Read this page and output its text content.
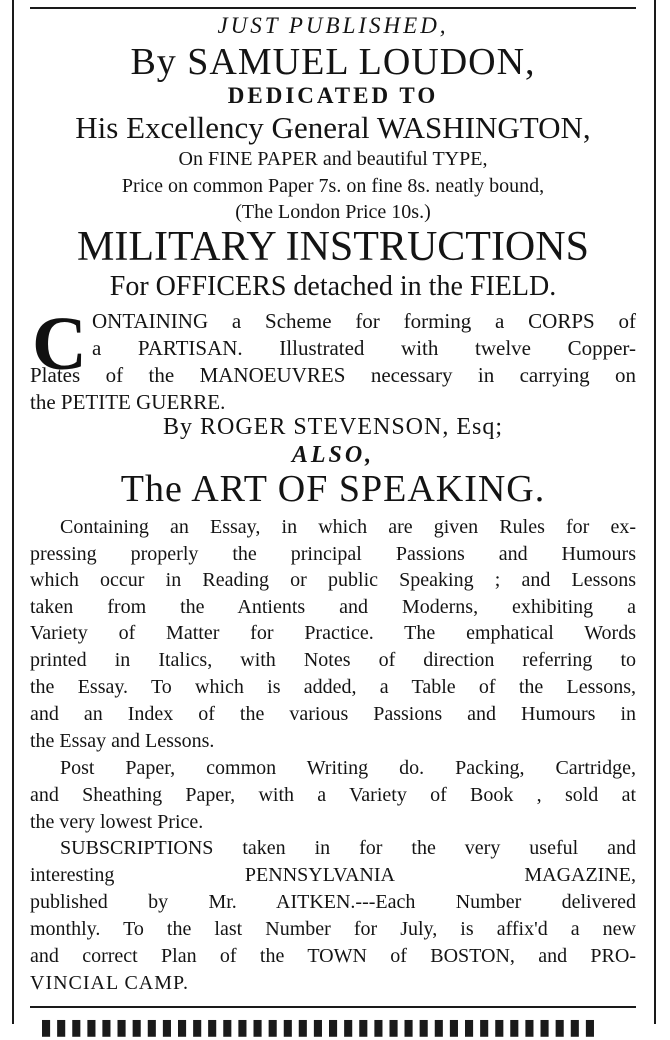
JUST PUBLISHED,
By SAMUEL LOUDON,
DEDICATED TO
His Excellency General WASHINGTON,
On FINE PAPER and beautiful TYPE,
Price on common Paper 7s. on fine 8s. neatly bound,
(The London Price 10s.)
MILITARY INSTRUCTIONS
For OFFICERS detached in the FIELD.
C ONTAINING a Scheme for forming a CORPS of
a PARTISAN. Illustrated with twelve Copper-
Plates of the MANOEUVRES necessary in carrying on
the PETITE GUERRE.
By ROGER STEVENSON, Esq;
ALSO,
The ART OF SPEAKING.
Containing an Essay, in which are given Rules for ex-
pressing properly the principal Passions and Humours
which occur in Reading or public Speaking ; and Lessons
taken from the Antients and Moderns, exhibiting a
Variety of Matter for Practice. The emphatical Words
printed in Italics, with Notes of direction referring to
the Essay. To which is added, a Table of the Lessons,
and an Index of the various Passions and Humours in
the Essay and Lessons.
Post Paper, common Writing do. Packing, Cartridge,
and Sheathing Paper, with a Variety of Book , sold at
the very lowest Price.
SUBSCRIPTIONS taken in for the very useful and
interesting PENNSYLVANIA MAGAZINE,
published by Mr. AITKEN.---Each Number delivered
monthly. To the last Number for July, is affix'd a new
and correct Plan of the TOWN of BOSTON, and PRO-
VINCIAL CAMP.
▮▮▮▮▮▮▮▮▮▮▮▮▮▮▮▮▮▮▮▮▮▮▮▮▮▮▮▮▮▮▮▮▮▮▮▮▮
